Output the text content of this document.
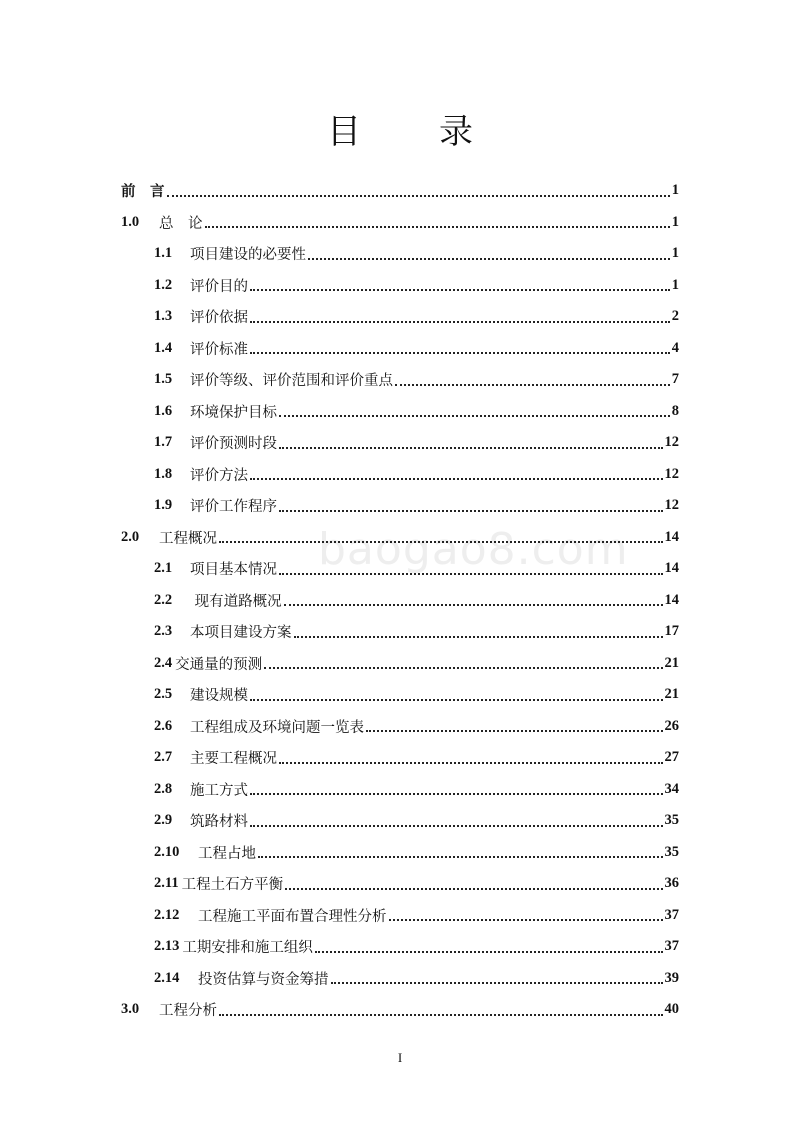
目　录
baogao8.com
前　言	1
1.0	总　论	1
1.1	项目建设的必要性	1
1.2	评价目的	1
1.3	评价依据	2
1.4	评价标准	4
1.5	评价等级、评价范围和评价重点	7
1.6	环境保护目标	8
1.7	评价预测时段	12
1.8	评价方法	12
1.9	评价工作程序	12
2.0	工程概况	14
2.1	项目基本情况	14
2.2	现有道路概况	14
2.3	本项目建设方案	17
2.4 交通量的预测	21
2.5	建设规模	21
2.6	工程组成及环境问题一览表	26
2.7	主要工程概况	27
2.8	施工方式	34
2.9	筑路材料	35
2.10	工程占地	35
2.11 工程土石方平衡	36
2.12	工程施工平面布置合理性分析	37
2.13 工期安排和施工组织	37
2.14	投资估算与资金筹措	39
3.0	工程分析	40
I
